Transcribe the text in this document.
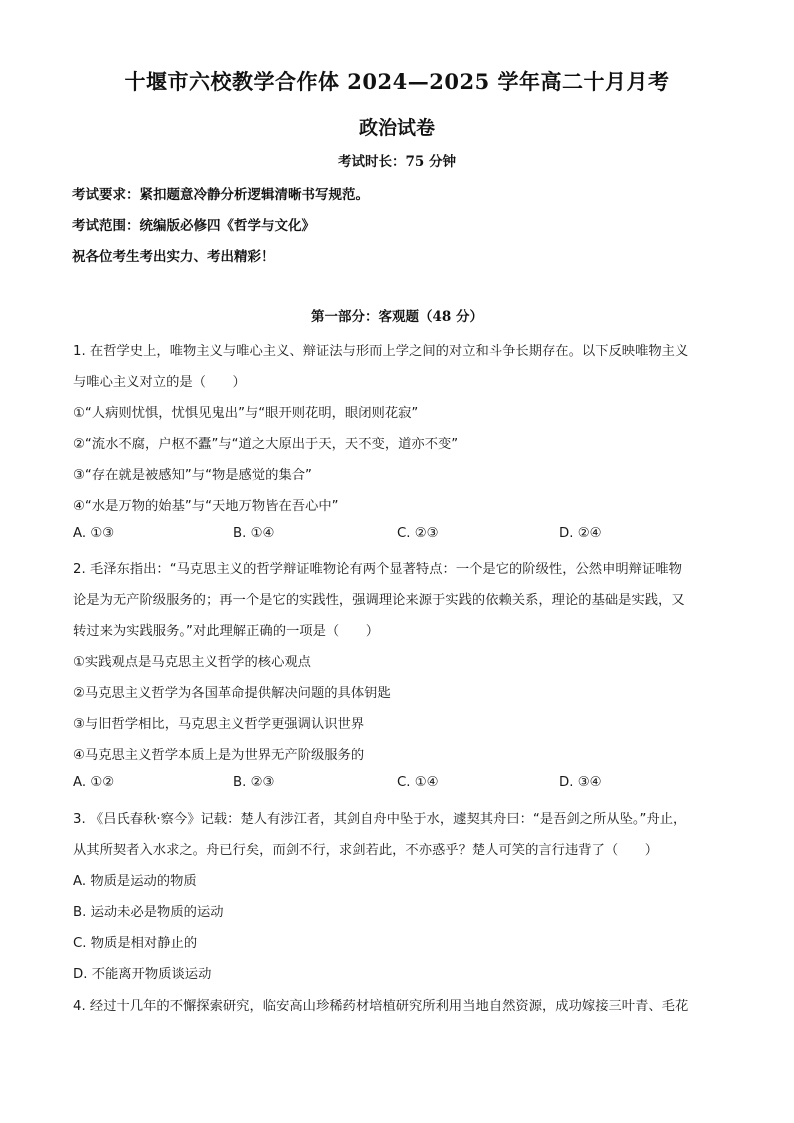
十堰市六校教学合作体 2024—2025 学年高二十月月考
政治试卷
考试时长：75 分钟
考试要求：紧扣题意冷静分析逻辑清晰书写规范。
考试范围：统编版必修四《哲学与文化》
祝各位考生考出实力、考出精彩！
第一部分：客观题（48 分）
1. 在哲学史上，唯物主义与唯心主义、辩证法与形而上学之间的对立和斗争长期存在。以下反映唯物主义
与唯心主义对立的是（　　）
①“人病则忧惧，忧惧见鬼出”与“眼开则花明，眼闭则花寂”
②“流水不腐，户枢不蠹”与“道之大原出于天，天不变，道亦不变”
③“存在就是被感知”与“物是感觉的集合”
④“水是万物的始基”与“天地万物皆在吾心中”
A. ①③	B. ①④	C. ②③	D. ②④
2. 毛泽东指出：“马克思主义的哲学辩证唯物论有两个显著特点：一个是它的阶级性，公然申明辩证唯物
论是为无产阶级服务的；再一个是它的实践性，强调理论来源于实践的依赖关系，理论的基础是实践，又
转过来为实践服务。”对此理解正确的一项是（　　）
①实践观点是马克思主义哲学的核心观点
②马克思主义哲学为各国革命提供解决问题的具体钥匙
③与旧哲学相比，马克思主义哲学更强调认识世界
④马克思主义哲学本质上是为世界无产阶级服务的
A. ①②	B. ②③	C. ①④	D. ③④
3. 《吕氏春秋·察今》记载：楚人有涉江者，其剑自舟中坠于水，遽契其舟曰：“是吾剑之所从坠。”舟止，
从其所契者入水求之。舟已行矣，而剑不行，求剑若此，不亦惑乎？楚人可笑的言行违背了（　　）
A. 物质是运动的物质
B. 运动未必是物质的运动
C. 物质是相对静止的
D. 不能离开物质谈运动
4. 经过十几年的不懈探索研究，临安高山珍稀药材培植研究所利用当地自然资源，成功嫁接三叶青、毛花
